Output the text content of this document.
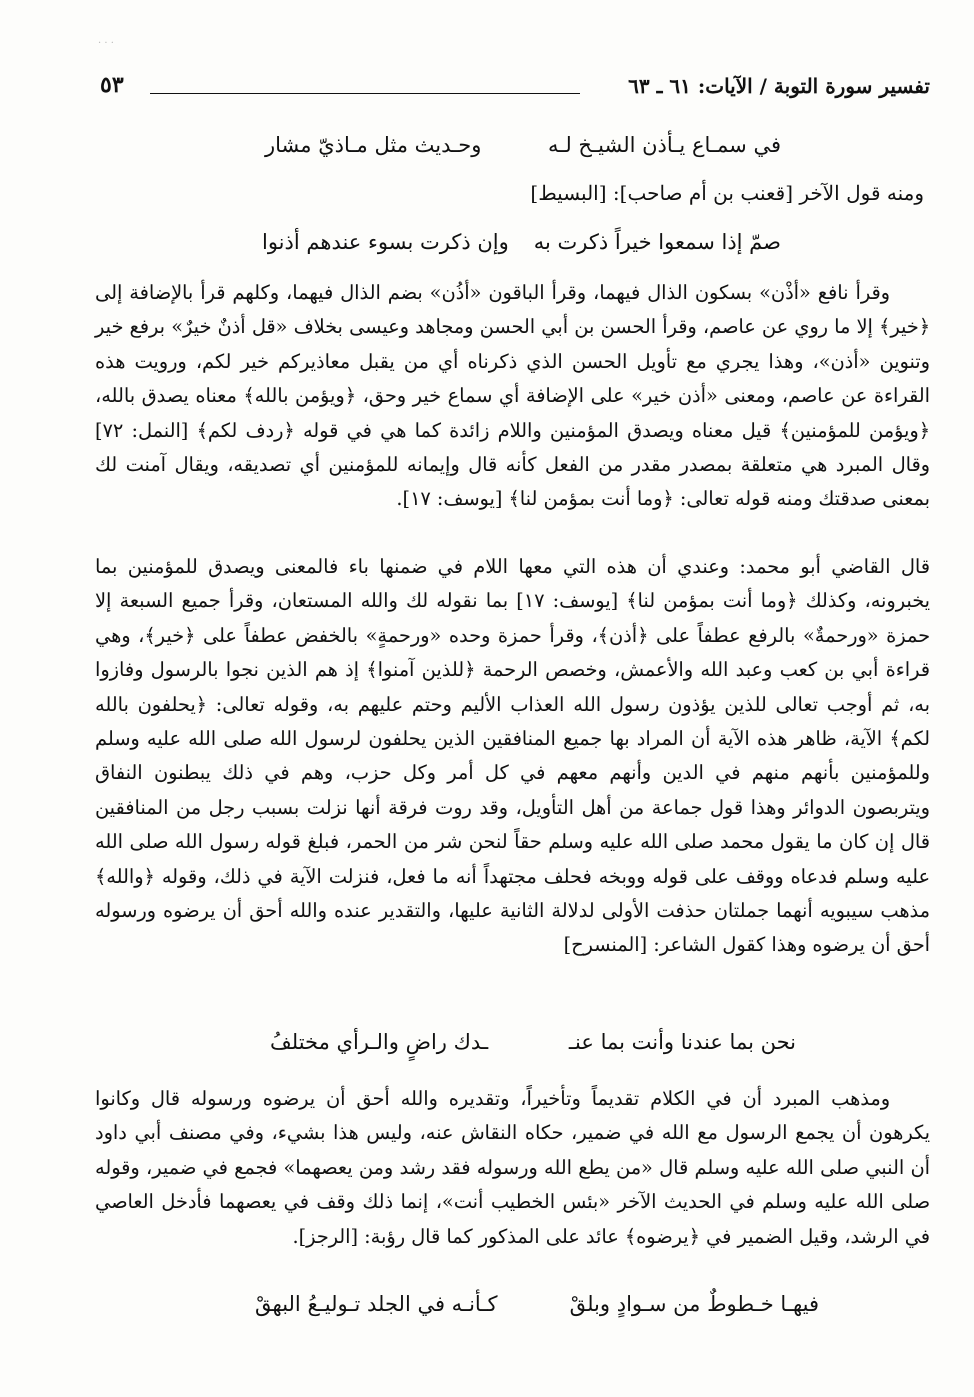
· · ·
تفسير سورة التوبة / الآيات: ٦١ ـ ٦٣
٥٣
في سمـاع يـأذن الشيـخ لـه
وحـديث مثل مـاذيّ مشار
ومنه قول الآخر [قعنب بن أم صاحب]: [البسيط]
صمّ إذا سمعوا خيراً ذكرت به
وإن ذكرت بسوء عندهم أذنوا
وقرأ نافع «أذْن» بسكون الذال فيهما، وقرأ الباقون «أذُن» بضم الذال فيهما، وكلهم قرأ بالإضافة إلى ﴿خير﴾ إلا ما روي عن عاصم، وقرأ الحسن بن أبي الحسن ومجاهد وعيسى بخلاف «قل أذنٌ خيرٌ» برفع خير وتنوين «أذن»، وهذا يجري مع تأويل الحسن الذي ذكرناه أي من يقبل معاذيركم خير لكم، ورويت هذه القراءة عن عاصم، ومعنى «أذن خير» على الإضافة أي سماع خير وحق، ﴿ويؤمن بالله﴾ معناه يصدق بالله، ﴿ويؤمن للمؤمنين﴾ قيل معناه ويصدق المؤمنين واللام زائدة كما هي في قوله ﴿ردف لكم﴾ [النمل: ٧٢] وقال المبرد هي متعلقة بمصدر مقدر من الفعل كأنه قال وإيمانه للمؤمنين أي تصديقه، ويقال آمنت لك بمعنى صدقتك ومنه قوله تعالى: ﴿وما أنت بمؤمن لنا﴾ [يوسف: ١٧].
قال القاضي أبو محمد: وعندي أن هذه التي معها اللام في ضمنها باء فالمعنى ويصدق للمؤمنين بما يخبرونه، وكذلك ﴿وما أنت بمؤمن لنا﴾ [يوسف: ١٧] بما نقوله لك والله المستعان، وقرأ جميع السبعة إلا حمزة «ورحمةٌ» بالرفع عطفاً على ﴿أذن﴾، وقرأ حمزة وحده «ورحمةٍ» بالخفض عطفاً على ﴿خير﴾، وهي قراءة أبي بن كعب وعبد الله والأعمش، وخصص الرحمة ﴿للذين آمنوا﴾ إذ هم الذين نجوا بالرسول وفازوا به، ثم أوجب تعالى للذين يؤذون رسول الله العذاب الأليم وحتم عليهم به، وقوله تعالى: ﴿يحلفون بالله لكم﴾ الآية، ظاهر هذه الآية أن المراد بها جميع المنافقين الذين يحلفون لرسول الله صلى الله عليه وسلم وللمؤمنين بأنهم منهم في الدين وأنهم معهم في كل أمر وكل حزب، وهم في ذلك يبطنون النفاق ويتربصون الدوائر وهذا قول جماعة من أهل التأويل، وقد روت فرقة أنها نزلت بسبب رجل من المنافقين قال إن كان ما يقول محمد صلى الله عليه وسلم حقاً لنحن شر من الحمر، فبلغ قوله رسول الله صلى الله عليه وسلم فدعاه ووقف على قوله ووبخه فحلف مجتهداً أنه ما فعل، فنزلت الآية في ذلك، وقوله ﴿والله﴾ مذهب سيبويه أنهما جملتان حذفت الأولى لدلالة الثانية عليها، والتقدير عنده والله أحق أن يرضوه ورسوله أحق أن يرضوه وهذا كقول الشاعر: [المنسرح]
نحن بما عندنا وأنت بما عنـ
ـدك راضٍ والـرأي مختلفُ
ومذهب المبرد أن في الكلام تقديماً وتأخيراً، وتقديره والله أحق أن يرضوه ورسوله قال وكانوا يكرهون أن يجمع الرسول مع الله في ضمير، حكاه النقاش عنه، وليس هذا بشيء، وفي مصنف أبي داود أن النبي صلى الله عليه وسلم قال «من يطع الله ورسوله فقد رشد ومن يعصهما» فجمع في ضمير، وقوله صلى الله عليه وسلم في الحديث الآخر «بئس الخطيب أنت»، إنما ذلك وقف في يعصهما فأدخل العاصي في الرشد، وقيل الضمير في ﴿يرضوه﴾ عائد على المذكور كما قال رؤبة: [الرجز].
فيهـا خـطوطٌ من سـوادٍ وبلقْ
كـأنـه في الجلد تـوليـعُ البهقْ
